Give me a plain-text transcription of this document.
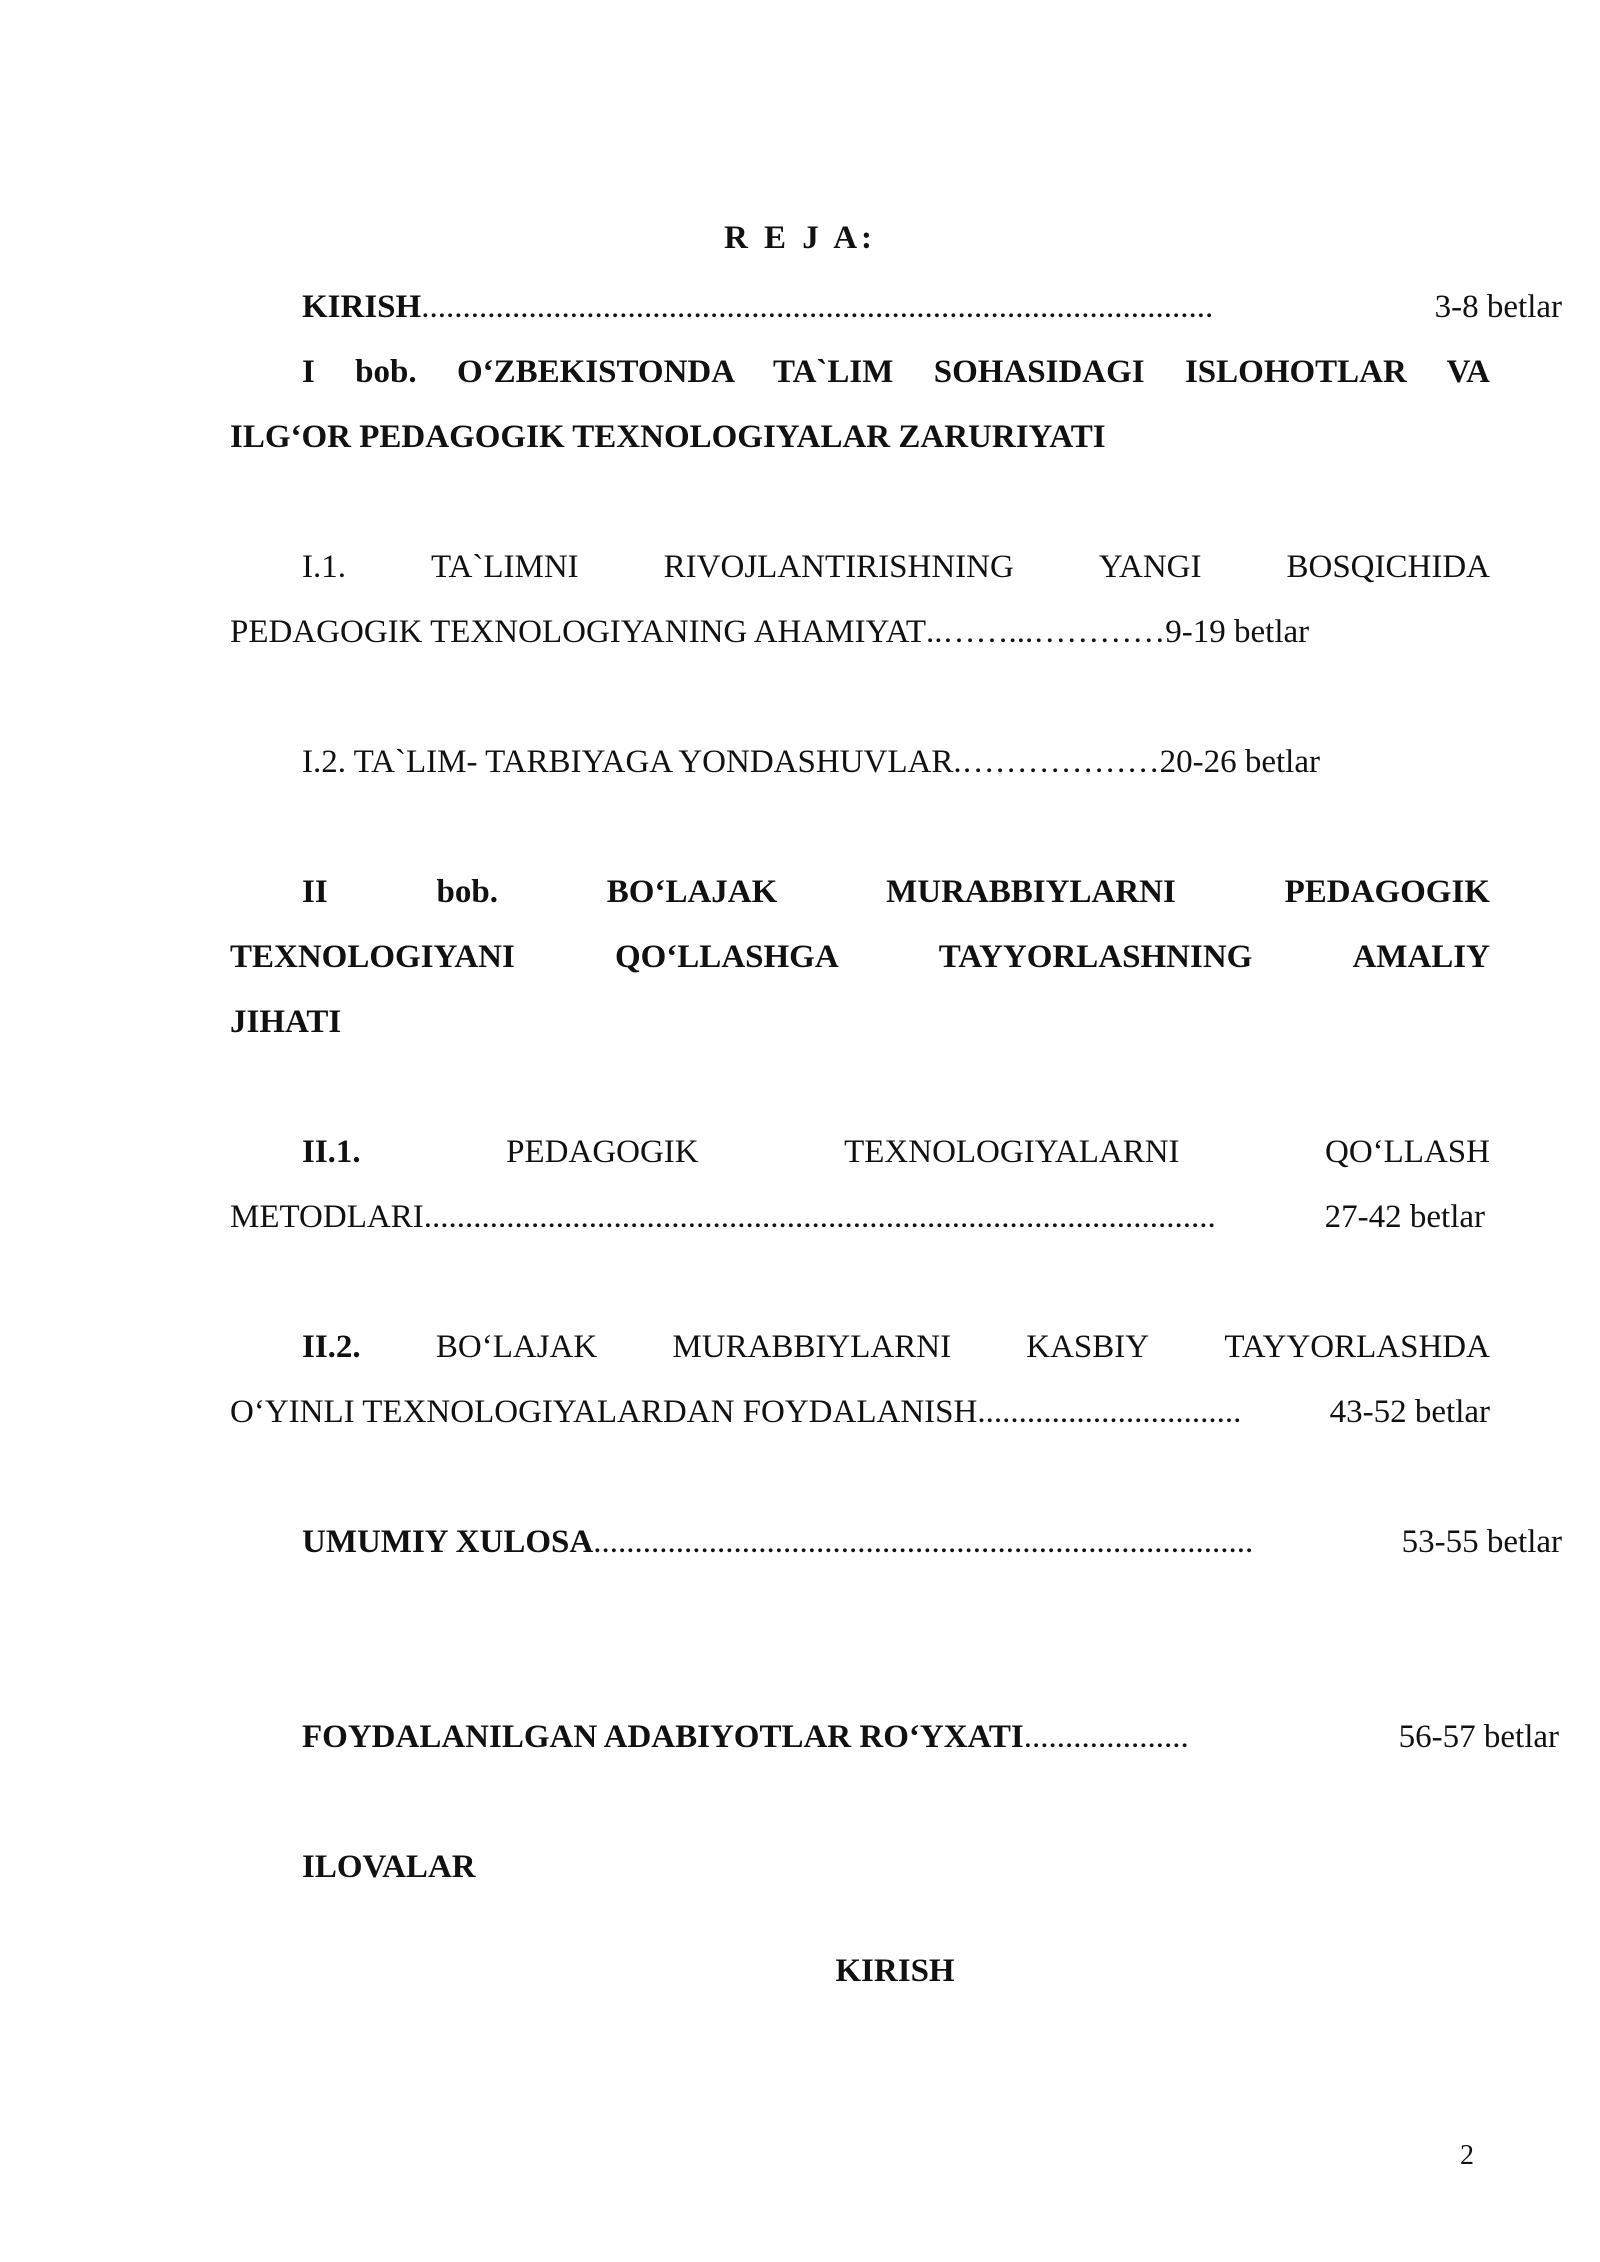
R E J A:
KIRISH ................................................................................................	3-8 betlar
I bob. O‘ZBEKISTONDA TA`LIM SOHASIDAGI ISLOHOTLAR VA
ILG‘OR PEDAGOGIK TEXNOLOGIYALAR ZARURIYATI
I.1.	TA`LIMNI	RIVOJLANTIRISHNING	YANGI	BOSQICHIDA
PEDAGOGIK TEXNOLOGIYANING AHAMIYAT ..……...………… 9-19 betlar
I.2. TA`LIM- TARBIYAGA YONDASHUVLAR.………………20-26 betlar
II	bob.	BO‘LAJAK	MURABBIYLARNI	PEDAGOGIK
TEXNOLOGIYANI	QO‘LLASHGA	TAYYORLASHNING	AMALIY
JIHATI
II.1.	PEDAGOGIK	TEXNOLOGIYALARNI	QO‘LLASH
METODLARI ................................................................................................	27-42 betlar
II.2. BO‘LAJAK MURABBIYLARNI KASBIY TAYYORLASHDA
O‘YINLI TEXNOLOGIYALARDAN FOYDALANISH ................................	43-52 betlar
UMUMIY XULOSA ................................................................................	53-55 betlar
FOYDALANILGAN ADABIYOTLAR RO‘YXATI ....................	56-57 betlar
ILOVALAR
KIRISH
2
